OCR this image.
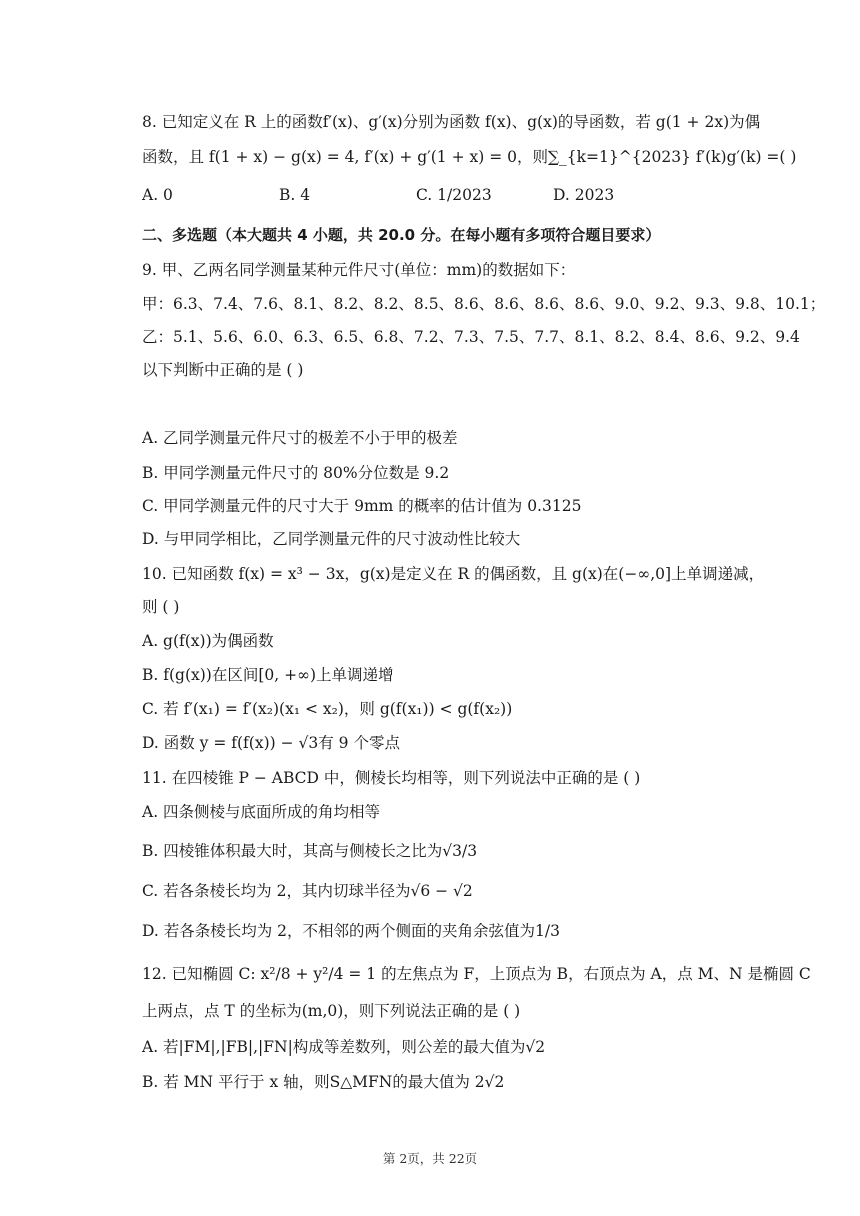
8. 已知定义在 R 上的函数f′(x)、g′(x)分别为函数 f(x)、g(x)的导函数，若 g(1 + 2x)为偶
函数，且 f(1 + x) − g(x) = 4, f′(x) + g′(1 + x) = 0，则∑_{k=1}^{2023} f′(k)g′(k) =( )
A. 0	B. 4	C. 1/2023	D. 2023
二、多选题（本大题共 4 小题，共 20.0 分。在每小题有多项符合题目要求）
9. 甲、乙两名同学测量某种元件尺寸(单位：mm)的数据如下：
甲：6.3、7.4、7.6、8.1、8.2、8.2、8.5、8.6、8.6、8.6、8.6、9.0、9.2、9.3、9.8、10.1；
乙：5.1、5.6、6.0、6.3、6.5、6.8、7.2、7.3、7.5、7.7、8.1、8.2、8.4、8.6、9.2、9.4
以下判断中正确的是 ( )
A. 乙同学测量元件尺寸的极差不小于甲的极差
B. 甲同学测量元件尺寸的 80%分位数是 9.2
C. 甲同学测量元件的尺寸大于 9mm 的概率的估计值为 0.3125
D. 与甲同学相比，乙同学测量元件的尺寸波动性比较大
10. 已知函数 f(x) = x³ − 3x，g(x)是定义在 R 的偶函数，且 g(x)在(−∞,0]上单调递减，
则 ( )
A. g(f(x))为偶函数
B. f(g(x))在区间[0, +∞)上单调递增
C. 若 f′(x₁) = f′(x₂)(x₁ < x₂)，则 g(f(x₁)) < g(f(x₂))
D. 函数 y = f(f(x)) − √3有 9 个零点
11. 在四棱锥 P − ABCD 中，侧棱长均相等，则下列说法中正确的是 ( )
A. 四条侧棱与底面所成的角均相等
B. 四棱锥体积最大时，其高与侧棱长之比为√3/3
C. 若各条棱长均为 2，其内切球半径为√6 − √2
D. 若各条棱长均为 2，不相邻的两个侧面的夹角余弦值为1/3
12. 已知椭圆 C: x²/8 + y²/4 = 1 的左焦点为 F，上顶点为 B，右顶点为 A，点 M、N 是椭圆 C
上两点，点 T 的坐标为(m,0)，则下列说法正确的是 ( )
A. 若|FM|,|FB|,|FN|构成等差数列，则公差的最大值为√2
B. 若 MN 平行于 x 轴，则S△MFN的最大值为 2√2
第 2页，共 22页
